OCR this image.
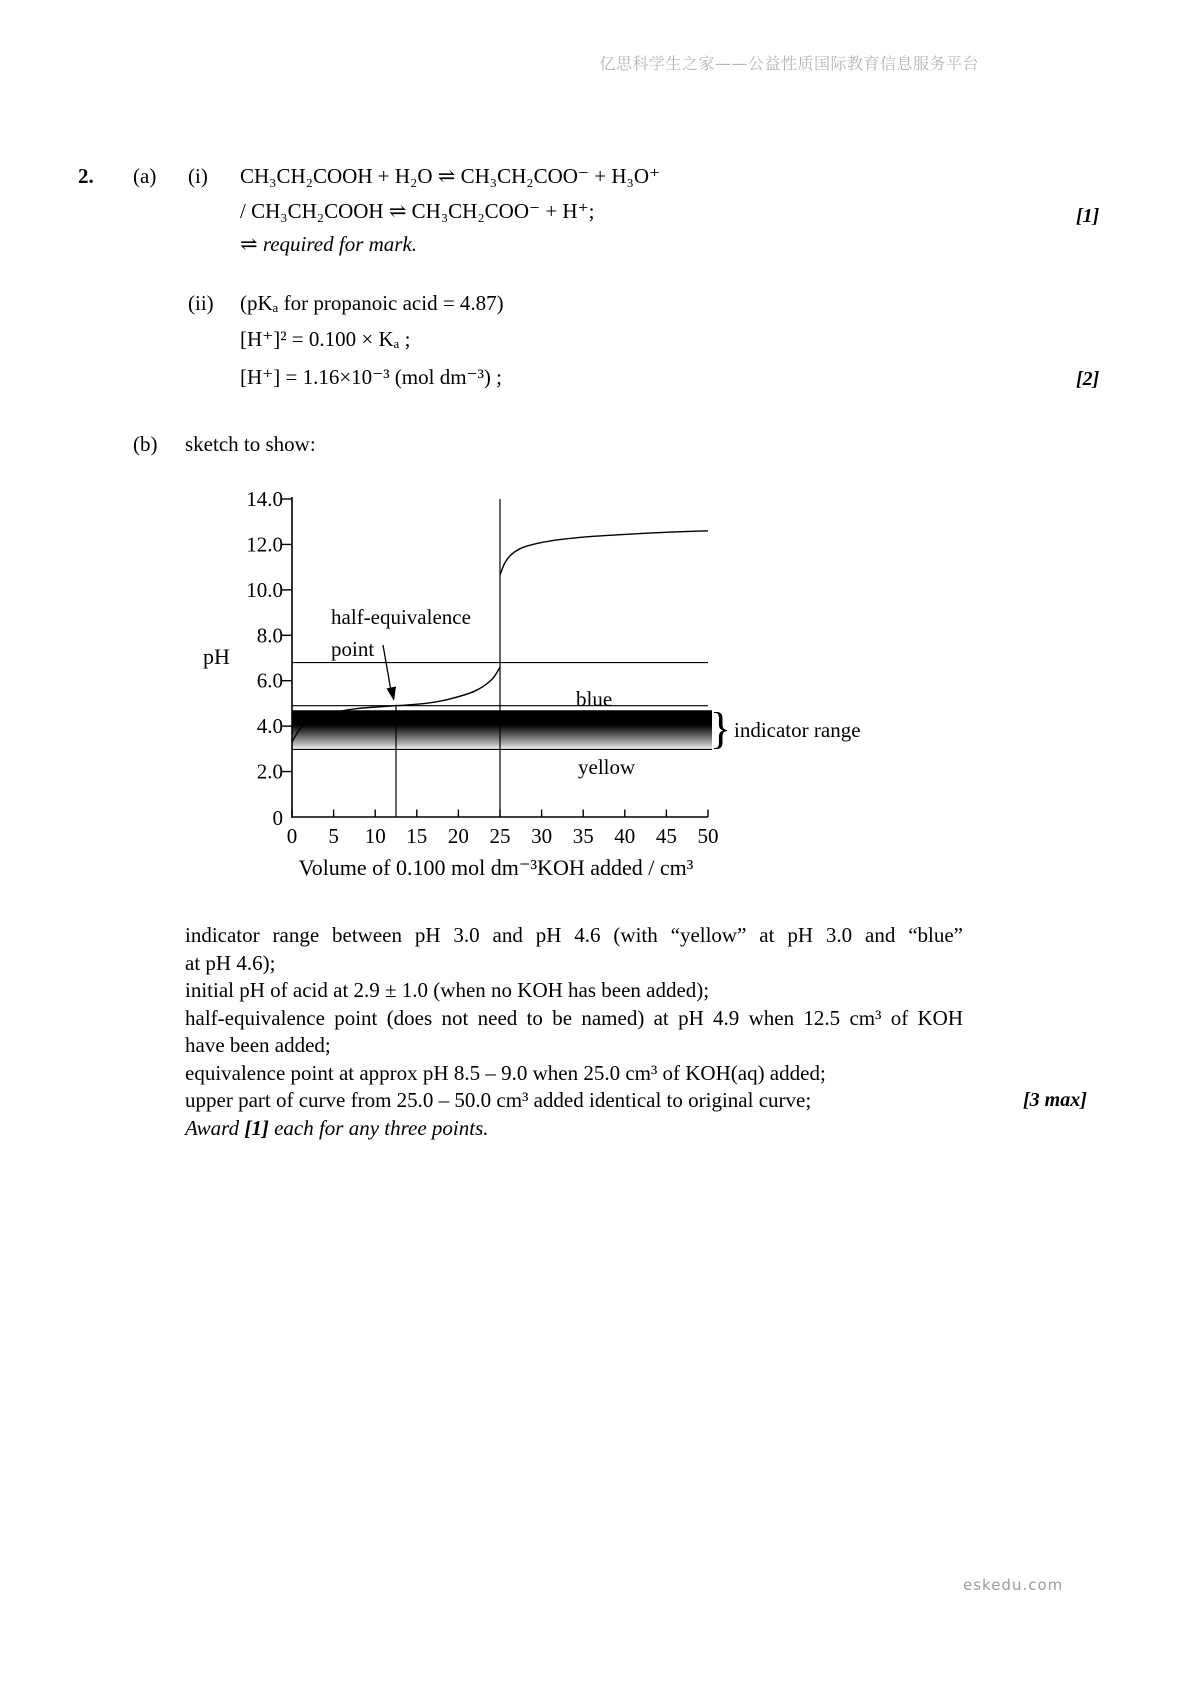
亿思科学生之家——公益性质国际教育信息服务平台
2. (a) (i) CH₃CH₂COOH + H₂O ⇌ CH₃CH₂COO⁻ + H₃O⁺
/ CH₃CH₂COOH ⇌ CH₃CH₂COO⁻ + H⁺;	[1]
⇌ required for mark.
(ii) (pKₐ for propanoic acid = 4.87)
[H⁺]² = 0.100 × Kₐ ;
[H⁺] = 1.16×10⁻³ (mol dm⁻³) ;	[2]
(b) sketch to show:
14.0
12.0
10.0
8.0
6.0
4.0
2.0
0
0 5 10 15 20 25 30 35 40 45 50
pH
Volume of 0.100 mol dm⁻³KOH added / cm³
half-equivalence
point
blue
yellow
} indicator range
indicator range between pH 3.0 and pH 4.6 (with “yellow” at pH 3.0 and “blue”
at pH 4.6);
initial pH of acid at 2.9 ± 1.0 (when no KOH has been added);
half-equivalence point (does not need to be named) at pH 4.9 when 12.5 cm³ of KOH
have been added;
equivalence point at approx pH 8.5 – 9.0 when 25.0 cm³ of KOH(aq) added;
upper part of curve from 25.0 – 50.0 cm³ added identical to original curve;
Award [1] each for any three points.
[3 max]
eskedu.com
